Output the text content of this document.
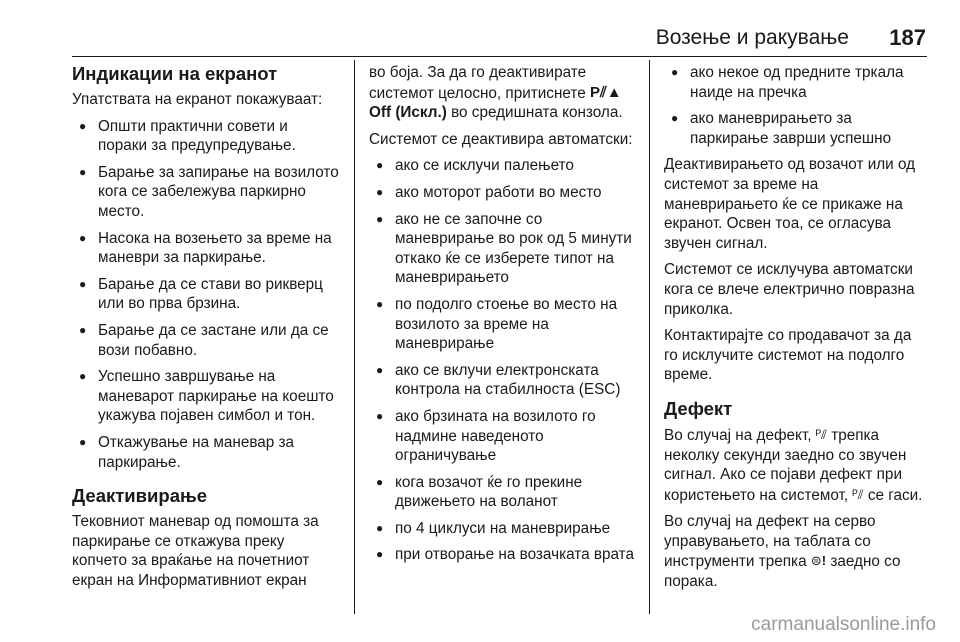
Возење и ракување 187
Индикации на екранот

Упатствата на екранот покажуваат:

● Општи практични совети и пораки за предупредување.
● Барање за запирање на возилото кога се забележува паркирно место.
● Насока на возењето за време на маневри за паркирање.
● Барање да се стави во рикверц или во прва брзина.
● Барање да се застане или да се вози побавно.
● Успешно завршување на маневарот паркирање на коешто укажува појавен симбол и тон.
● Откажување на маневар за паркирање.
Деактивирање

Тековниот маневар од помошта за паркирање се откажува преку копчето за враќање на почетниот екран на Информативниот екран

во боја. За да го деактивирате системот целосно, притиснете P⫽▲ Off (Искл.) во средишната конзола.

Системот се деактивира автоматски:

● ако се исклучи палењето
● ако моторот работи во место
● ако не се започне со маневрирање во рок од 5 минути откако ќе се изберете типот на маневрирањето
● по подолго стоење во место на возилото за време на маневрирање
● ако се вклучи електронската контрола на стабилноста (ESC)
● ако брзината на возилото го надмине наведеното ограничување
● кога возачот ќе го прекине движењето на воланот
● по 4 циклуси на маневрирање
● при отворање на возачката врата
● ако некое од предните тркала наиде на пречка
● ако маневрирањето за паркирање заврши успешно

Деактивирањето од возачот или од системот за време на маневрирањето ќе се прикаже на екранот. Освен тоа, се огласува звучен сигнал.

Системот се исклучува автоматски кога се влече електрично повразна приколка.

Контактирајте со продавачот за да го исклучите системот на подолго време.

Дефект

Во случај на дефект, ᴾ⫽ трепка неколку секунди заедно со звучен сигнал. Ако се појави дефект при користењето на системот, ᴾ⫽ се гаси.

Во случај на дефект на серво управувањето, на таблата со инструменти трепка ⊜! заедно со порака.

carmanualsonline.info
